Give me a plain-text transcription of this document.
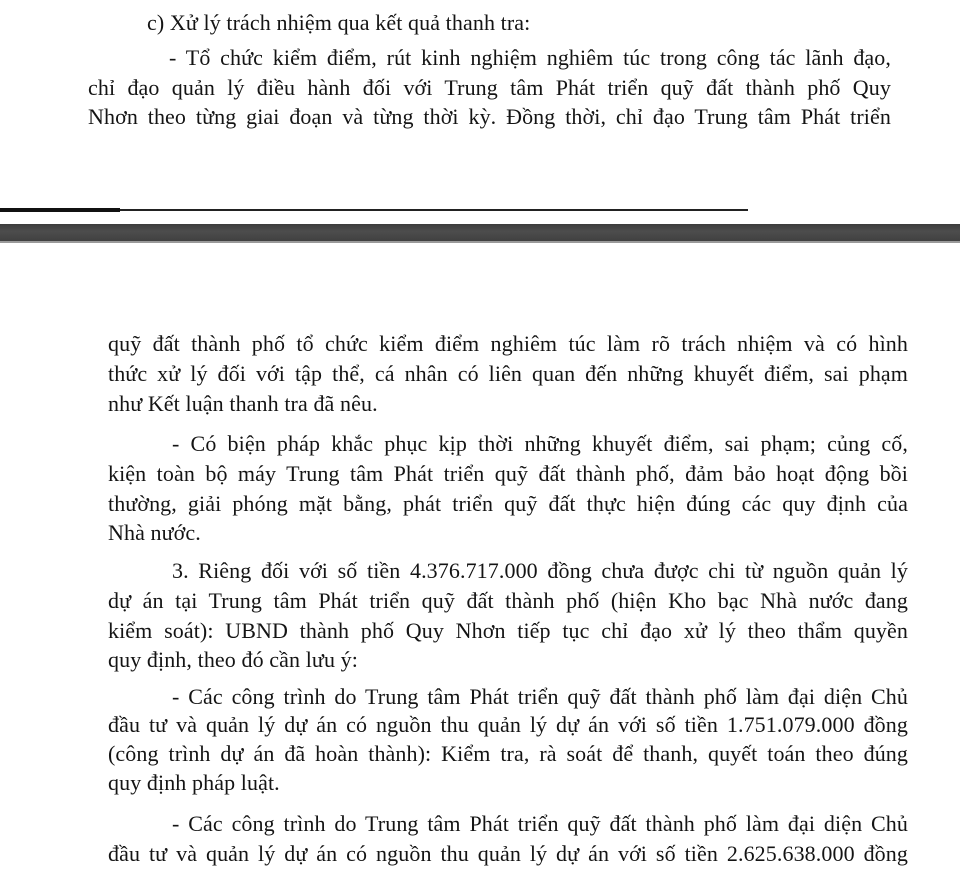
c) Xử lý trách nhiệm qua kết quả thanh tra:
- Tổ chức kiểm điểm, rút kinh nghiệm nghiêm túc trong công tác lãnh đạo,
chỉ đạo quản lý điều hành đối với Trung tâm Phát triển quỹ đất thành phố Quy
Nhơn theo từng giai đoạn và từng thời kỳ. Đồng thời, chỉ đạo Trung tâm Phát triển
quỹ đất thành phố tổ chức kiểm điểm nghiêm túc làm rõ trách nhiệm và có hình
thức xử lý đối với tập thể, cá nhân có liên quan đến những khuyết điểm, sai phạm
như Kết luận thanh tra đã nêu.
- Có biện pháp khắc phục kịp thời những khuyết điểm, sai phạm; củng cố,
kiện toàn bộ máy Trung tâm Phát triển quỹ đất thành phố, đảm bảo hoạt động bồi
thường, giải phóng mặt bằng, phát triển quỹ đất thực hiện đúng các quy định của
Nhà nước.
3. Riêng đối với số tiền 4.376.717.000 đồng chưa được chi từ nguồn quản lý
dự án tại Trung tâm Phát triển quỹ đất thành phố (hiện Kho bạc Nhà nước đang
kiểm soát): UBND thành phố Quy Nhơn tiếp tục chỉ đạo xử lý theo thẩm quyền
quy định, theo đó cần lưu ý:
- Các công trình do Trung tâm Phát triển quỹ đất thành phố làm đại diện Chủ
đầu tư và quản lý dự án có nguồn thu quản lý dự án với số tiền 1.751.079.000 đồng
(công trình dự án đã hoàn thành): Kiểm tra, rà soát để thanh, quyết toán theo đúng
quy định pháp luật.
- Các công trình do Trung tâm Phát triển quỹ đất thành phố làm đại diện Chủ
đầu tư và quản lý dự án có nguồn thu quản lý dự án với số tiền 2.625.638.000 đồng
